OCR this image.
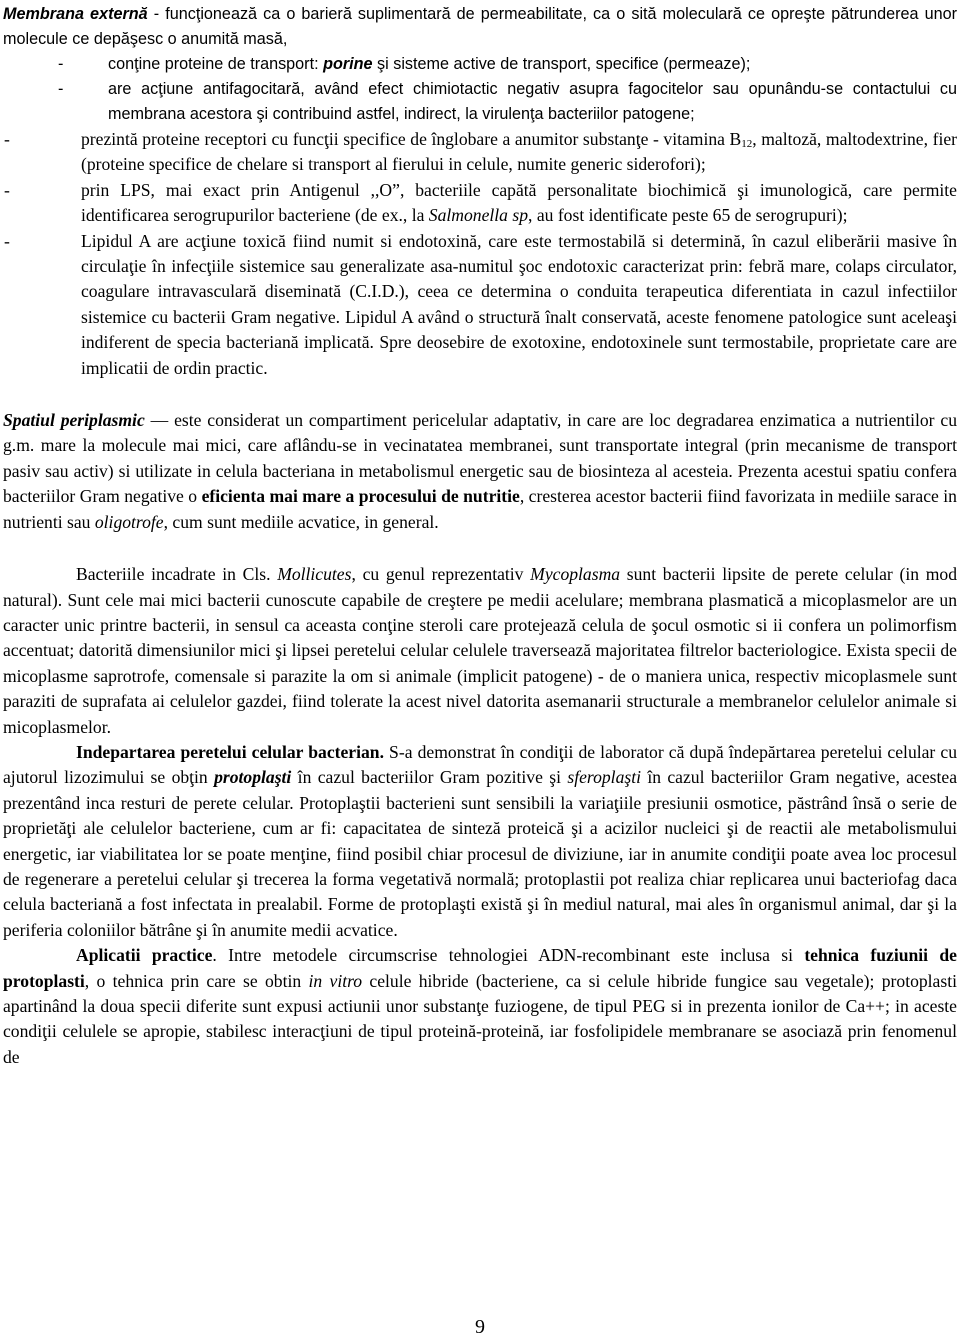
Membrana externă - funcţionează ca o barieră suplimentară de permeabilitate, ca o sită moleculară ce opreşte pătrunderea unor molecule ce depăşesc o anumită masă,

-	conţine proteine de transport: porine şi sisteme active de transport, specifice (permeaze);
-	are acţiune antifagocitară, având efect chimiotactic negativ asupra fagocitelor sau opunându-se contactului cu membrana acestora şi contribuind astfel, indirect, la virulenţa bacteriilor patogene;
-	prezintă proteine receptori cu funcţii specifice de înglobare a anumitor substanţe - vitamina $B_{12}$, maltoză, maltodextrine, fier (proteine specifice de chelare si transport al fierului in celule, numite generic siderofori);
-	prin LPS, mai exact prin Antigenul ,,O”, bacteriile capătă personalitate biochimică şi imunologică, care permite identificarea serogrupurilor bacteriene (de ex., la Salmonella sp, au fost identificate peste 65 de serogrupuri);
-	Lipidul A are acţiune toxică fiind numit si endotoxină, care este termostabilă si determină, în cazul eliberării masive în circulaţie în infecţiile sistemice sau generalizate asa-numitul şoc endotoxic caracterizat prin: febră mare, colaps circulator, coagulare intravasculară diseminată (C.I.D.), ceea ce determina o conduita terapeutica diferentiata in cazul infectiilor sistemice cu bacterii Gram negative. Lipidul A având o structură înalt conservată, aceste fenomene patologice sunt aceleaşi indiferent de specia bacteriană implicată. Spre deosebire de exotoxine, endotoxinele sunt termostabile, proprietate care are implicatii de ordin practic.

Spatiul periplasmic — este considerat un compartiment pericelular adaptativ, in care are loc degradarea enzimatica a nutrientilor cu g.m. mare la molecule mai mici, care aflându-se in vecinatatea membranei, sunt transportate integral (prin mecanisme de transport pasiv sau activ) si utilizate in celula bacteriana in metabolismul energetic sau de biosinteza al acesteia. Prezenta acestui spatiu confera bacteriilor Gram negative o eficienta mai mare a procesului de nutritie, cresterea acestor bacterii fiind favorizata in mediile sarace in nutrienti sau oligotrofe, cum sunt mediile acvatice, in general.

Bacteriile incadrate in Cls. Mollicutes, cu genul reprezentativ Mycoplasma sunt bacterii lipsite de perete celular (in mod natural). Sunt cele mai mici bacterii cunoscute capabile de creştere pe medii acelulare; membrana plasmatică a micoplasmelor are un caracter unic printre bacterii, in sensul ca aceasta conţine steroli care protejează celula de şocul osmotic si ii confera un polimorfism accentuat; datorită dimensiunilor mici şi lipsei peretelui celular celulele traversează majoritatea filtrelor bacteriologice. Exista specii de micoplasme saprotrofe, comensale si parazite la om si animale (implicit patogene) - de o maniera unica, respectiv micoplasmele sunt paraziti de suprafata ai celulelor gazdei, fiind tolerate la acest nivel datorita asemanarii structurale a membranelor celulelor animale si micoplasmelor.

Indepartarea peretelui celular bacterian. S-a demonstrat în condiţii de laborator că după îndepărtarea peretelui celular cu ajutorul lizozimului se obţin protoplaşti în cazul bacteriilor Gram pozitive şi sferoplaşti în cazul bacteriilor Gram negative, acestea prezentând inca resturi de perete celular. Protoplaştii bacterieni sunt sensibili la variaţiile presiunii osmotice, păstrând însă o serie de proprietăţi ale celulelor bacteriene, cum ar fi: capacitatea de sinteză proteică şi a acizilor nucleici şi de reactii ale metabolismului energetic, iar viabilitatea lor se poate menţine, fiind posibil chiar procesul de diviziune, iar in anumite condiţii poate avea loc procesul de regenerare a peretelui celular şi trecerea la forma vegetativă normală; protoplastii pot realiza chiar replicarea unui bacteriofag daca celula bacteriană a fost infectata in prealabil. Forme de protoplaşti există şi în mediul natural, mai ales în organismul animal, dar şi la periferia coloniilor bătrâne şi în anumite medii acvatice.

Aplicatii practice. Intre metodele circumscrise tehnologiei ADN-recombinant este inclusa si tehnica fuziunii de protoplasti, o tehnica prin care se obtin in vitro celule hibride (bacteriene, ca si celule hibride fungice sau vegetale); protoplasti apartinând la doua specii diferite sunt expusi actiunii unor substanţe fuziogene, de tipul PEG si in prezenta ionilor de Ca++; in aceste condiţii celulele se apropie, stabilesc interacţiuni de tipul proteină-proteină, iar fosfolipidele membranare se asociază prin fenomenul de

9
